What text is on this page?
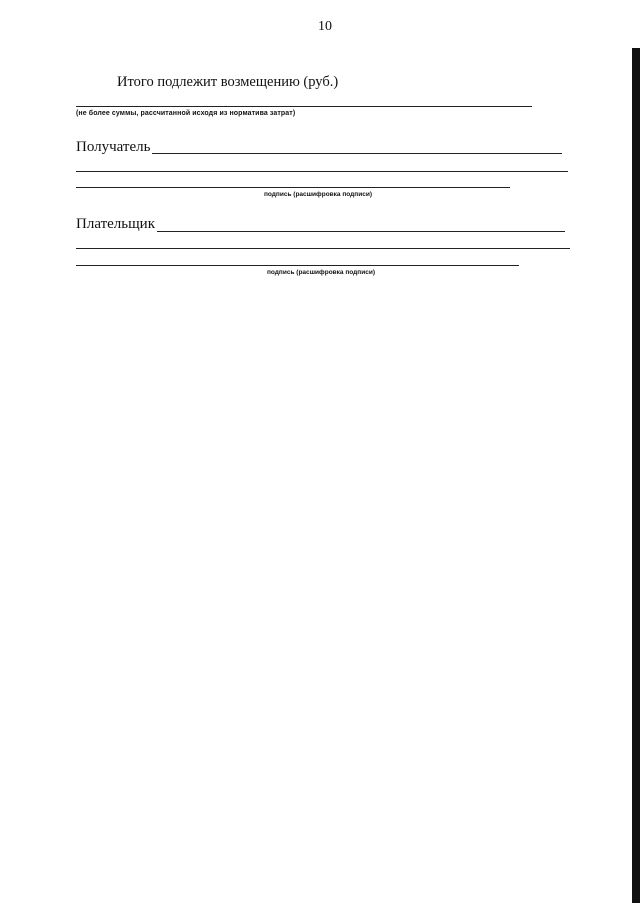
10
Итого подлежит возмещению (руб.)
(не более суммы, рассчитанной исходя из норматива затрат)
Получатель
подпись (расшифровка подписи)
Плательщик
подпись (расшифровка подписи)
